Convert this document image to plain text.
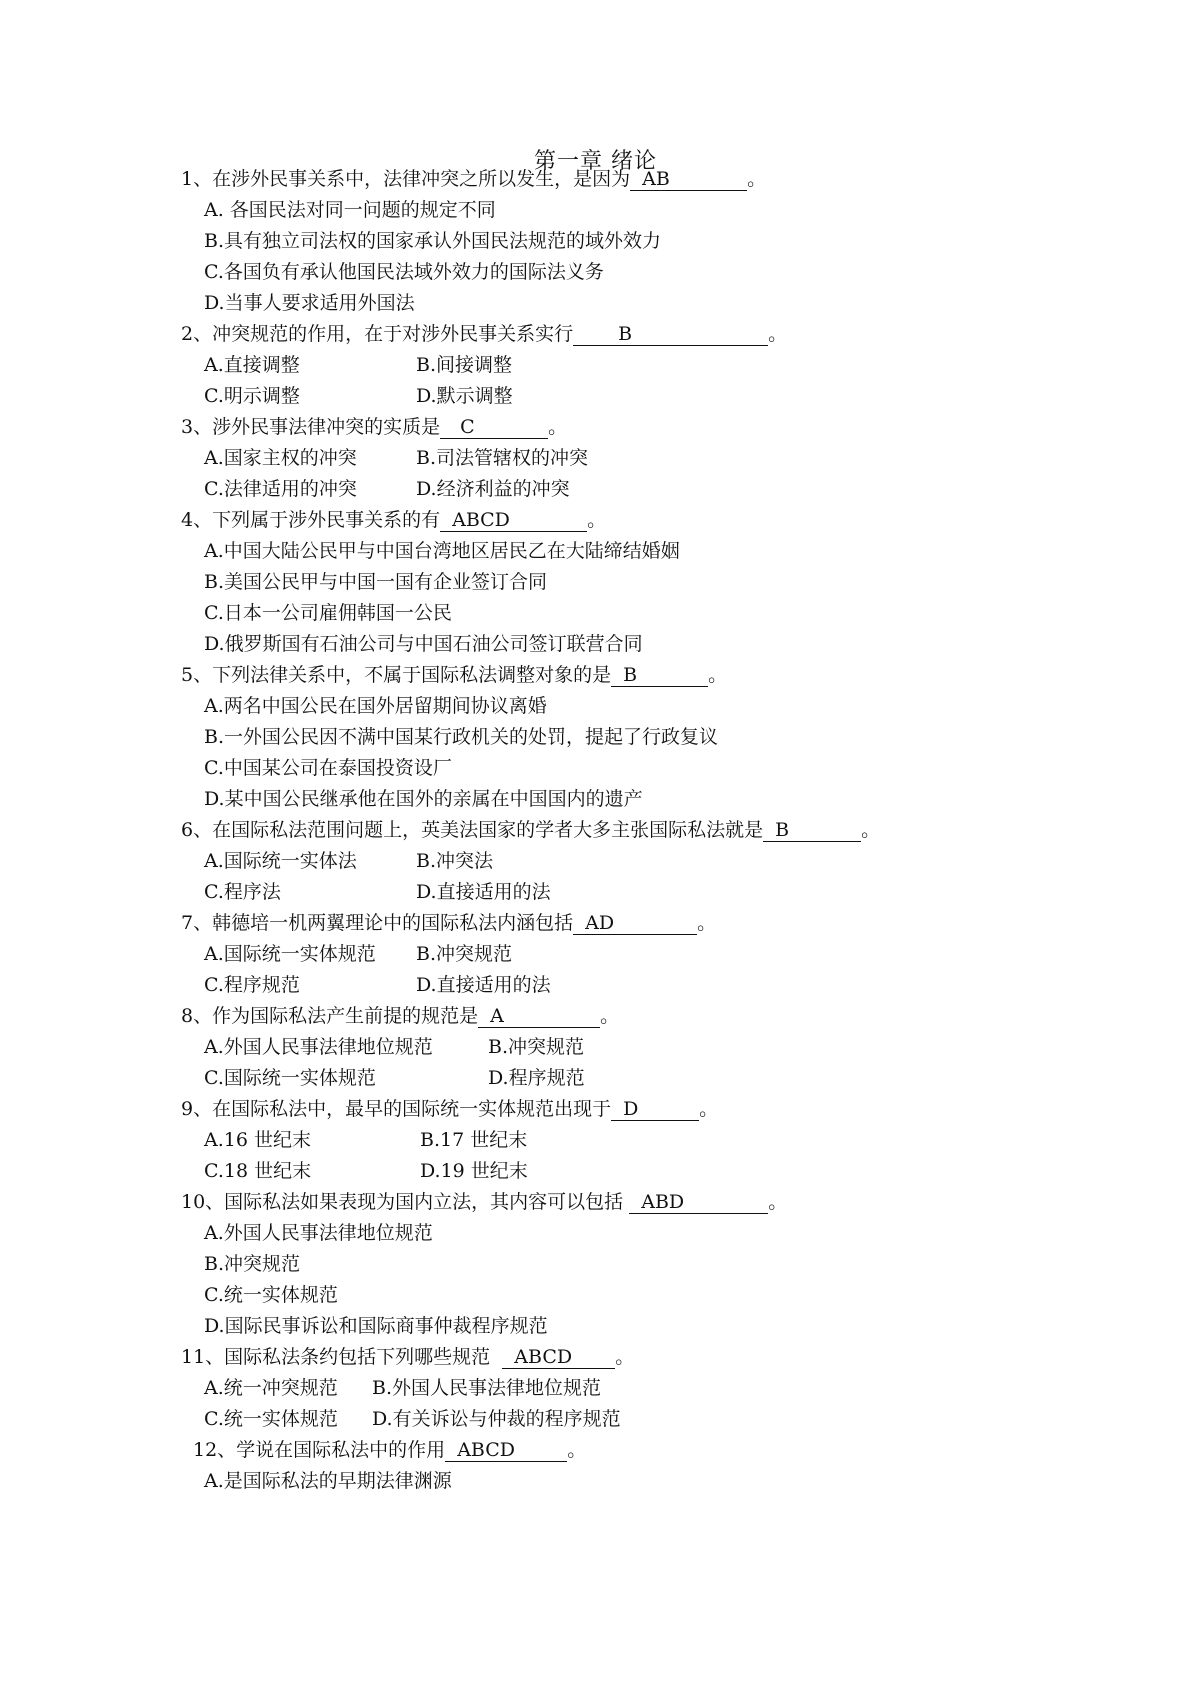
第一章 绪论
1、在涉外民事关系中，法律冲突之所以发生，是因为 AB	。
A. 各国民法对同一问题的规定不同
B.具有独立司法权的国家承认外国民法规范的域外效力
C.各国负有承认他国民法域外效力的国际法义务
D.当事人要求适用外国法
2、冲突规范的作用，在于对涉外民事关系实行 B	。
A.直接调整	B.间接调整
C.明示调整	D.默示调整
3、涉外民事法律冲突的实质是 C	。
A.国家主权的冲突	B.司法管辖权的冲突
C.法律适用的冲突	D.经济利益的冲突
4、下列属于涉外民事关系的有 ABCD	。
A.中国大陆公民甲与中国台湾地区居民乙在大陆缔结婚姻
B.美国公民甲与中国一国有企业签订合同
C.日本一公司雇佣韩国一公民
D.俄罗斯国有石油公司与中国石油公司签订联营合同
5、下列法律关系中，不属于国际私法调整对象的是 B	。
A.两名中国公民在国外居留期间协议离婚
B.一外国公民因不满中国某行政机关的处罚，提起了行政复议
C.中国某公司在泰国投资设厂
D.某中国公民继承他在国外的亲属在中国国内的遗产
6、在国际私法范围问题上，英美法国家的学者大多主张国际私法就是 B	。
A.国际统一实体法	B.冲突法
C.程序法	D.直接适用的法
7、韩德培一机两翼理论中的国际私法内涵包括 AD	。
A.国际统一实体规范 B.冲突规范
C.程序规范	D.直接适用的法
8、作为国际私法产生前提的规范是 A	。
A.外国人民事法律地位规范	B.冲突规范
C.国际统一实体规范	D.程序规范
9、在国际私法中，最早的国际统一实体规范出现于 D	。
A.16 世纪末	B.17 世纪末
C.18 世纪末	D.19 世纪末
10、国际私法如果表现为国内立法，其内容可以包括 ABD	。
A.外国人民事法律地位规范
B.冲突规范
C.统一实体规范
D.国际民事诉讼和国际商事仲裁程序规范
11、国际私法条约包括下列哪些规范 ABCD 。
A.统一冲突规范 B.外国人民事法律地位规范
C.统一实体规范 D.有关诉讼与仲裁的程序规范
12、学说在国际私法中的作用 ABCD	。
A.是国际私法的早期法律渊源
